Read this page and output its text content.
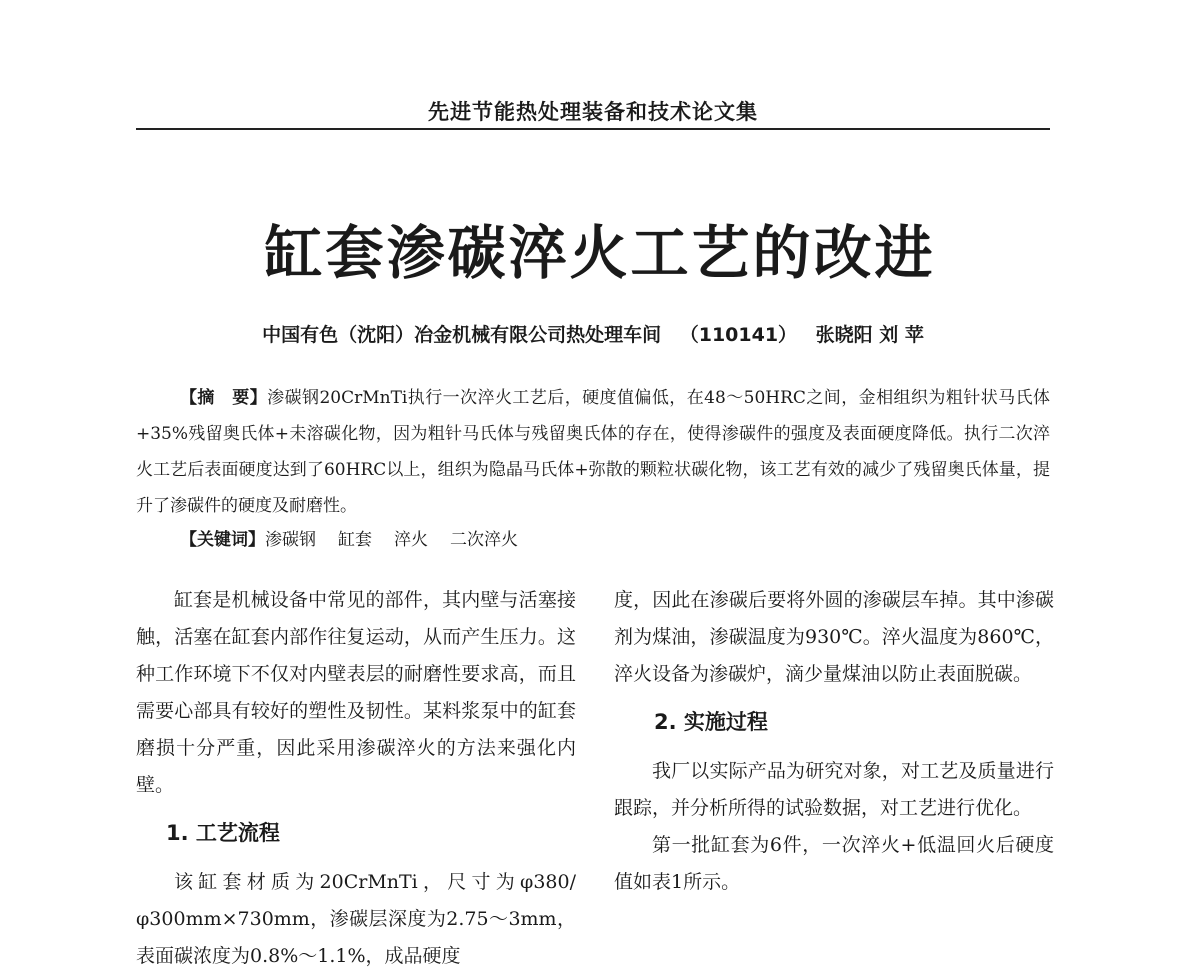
先进节能热处理装备和技术论文集
缸套渗碳淬火工艺的改进
中国有色（沈阳）冶金机械有限公司热处理车间 （110141） 张晓阳 刘 苹
【摘　要】渗碳钢20CrMnTi执行一次淬火工艺后，硬度值偏低，在48～50HRC之间，金相组织为粗针状马氏体+35%残留奥氏体+未溶碳化物，因为粗针马氏体与残留奥氏体的存在，使得渗碳件的强度及表面硬度降低。执行二次淬火工艺后表面硬度达到了60HRC以上，组织为隐晶马氏体+弥散的颗粒状碳化物，该工艺有效的减少了残留奥氏体量，提升了渗碳件的硬度及耐磨性。
【关键词】渗碳钢 缸套 淬火 二次淬火

缸套是机械设备中常见的部件，其内壁与活塞接触，活塞在缸套内部作往复运动，从而产生压力。这种工作环境下不仅对内壁表层的耐磨性要求高，而且需要心部具有较好的塑性及韧性。某料浆泵中的缸套磨损十分严重，因此采用渗碳淬火的方法来强化内壁。

1. 工艺流程

该缸套材质为20CrMnTi，尺寸为φ380/φ300mm×730mm，渗碳层深度为2.75～3mm，表面碳浓度为0.8%～1.1%，成品硬度

度，因此在渗碳后要将外圆的渗碳层车掉。其中渗碳剂为煤油，渗碳温度为930℃。淬火温度为860℃，淬火设备为渗碳炉，滴少量煤油以防止表面脱碳。

2. 实施过程

我厂以实际产品为研究对象，对工艺及质量进行跟踪，并分析所得的试验数据，对工艺进行优化。

第一批缸套为6件，一次淬火+低温回火后硬度值如表1所示。
